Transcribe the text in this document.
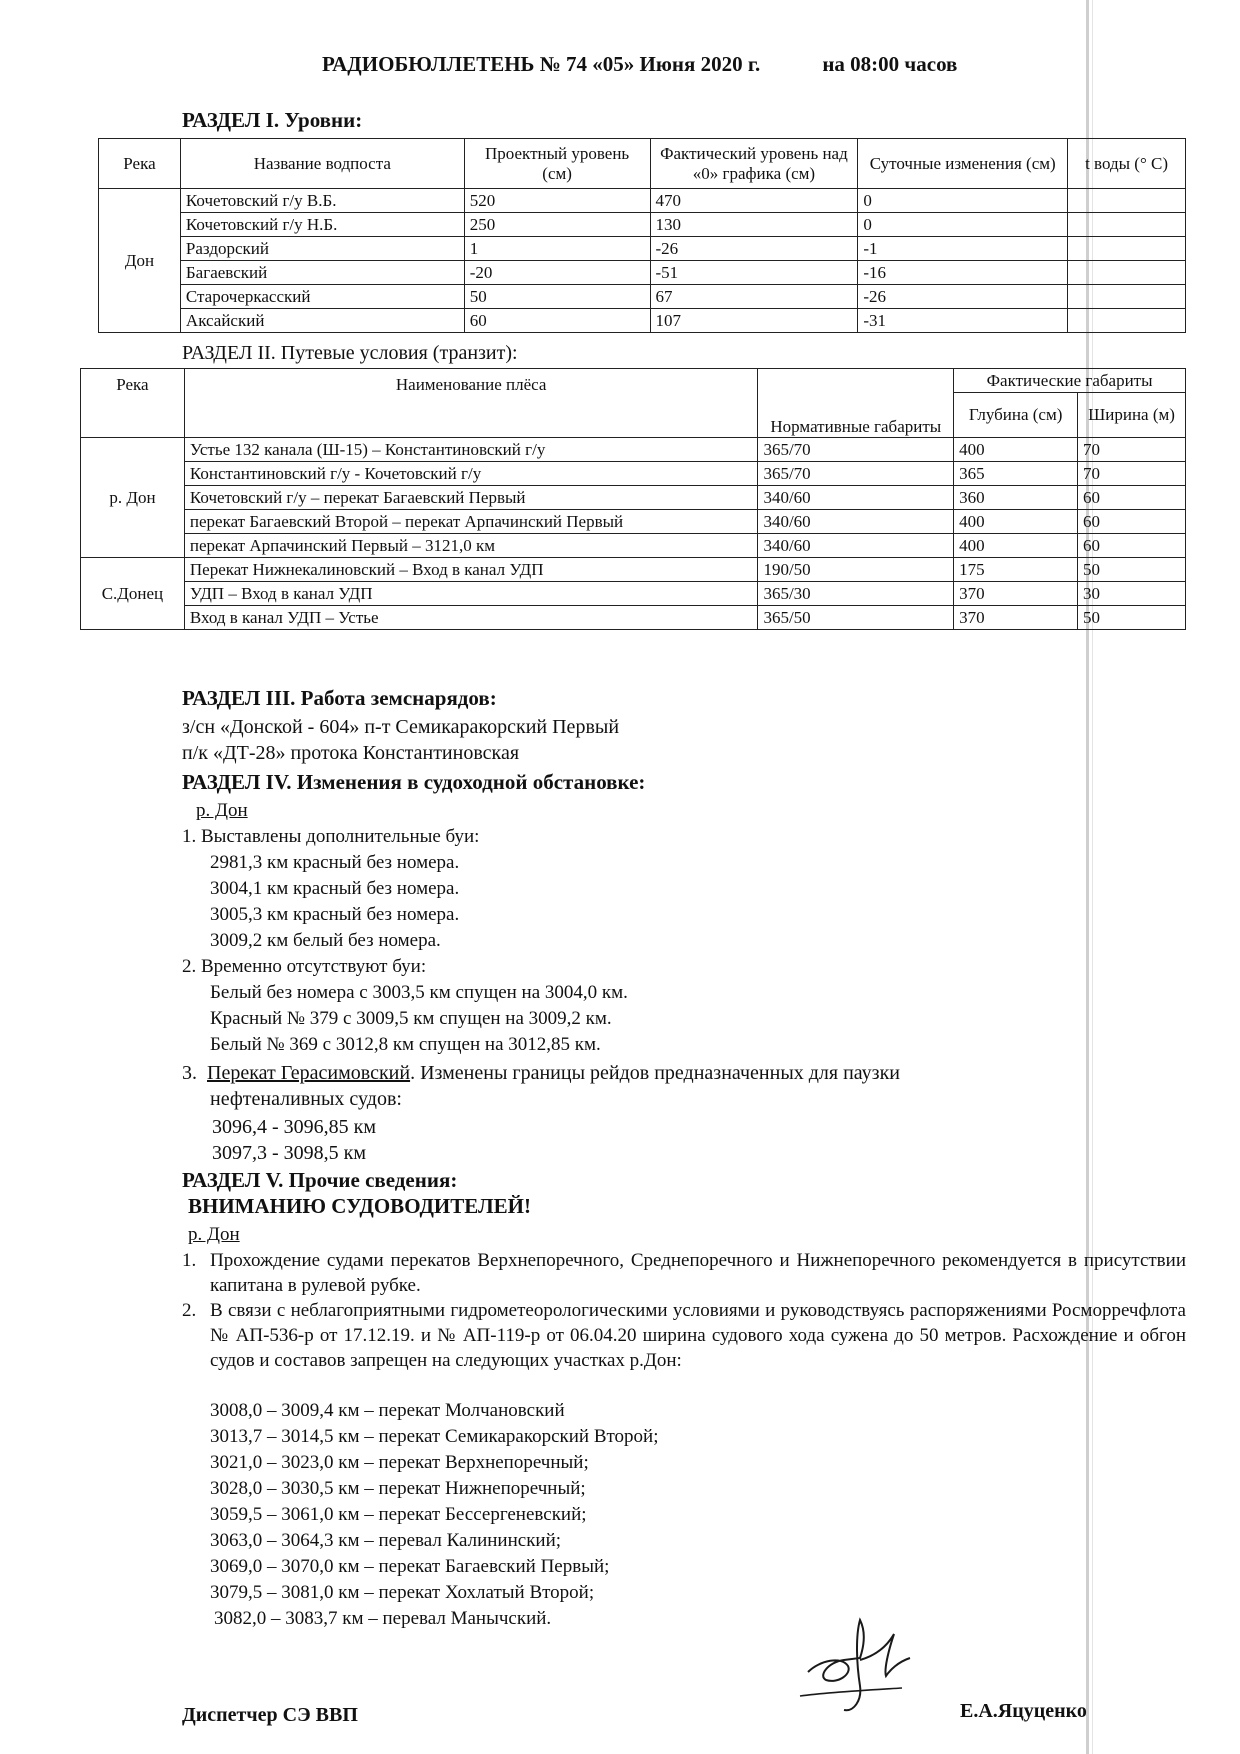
РАДИОБЮЛЛЕТЕНЬ № 74 «05» Июня 2020 г.	на 08:00 часов
РАЗДЕЛ I. Уровни:
Река	Название водпоста	Проектный уровень (см)	Фактический уровень над «0» графика (см)	Суточные изменения (см)	t воды (° С)
Дон	Кочетовский г/у В.Б.	520	470	0	
	Кочетовский г/у Н.Б.	250	130	0	
	Раздорский	1	-26	-1	
	Багаевский	-20	-51	-16	
	Старочеркасский	50	67	-26	
	Аксайский	60	107	-31	
РАЗДЕЛ II. Путевые условия (транзит):
Река	Наименование плёса	Нормативные габариты	Фактические габариты	
			Глубина (см)	Ширина (м)
р. Дон	Устье 132 канала (Ш-15) – Константиновский г/у	365/70	400	70
	Константиновский г/у - Кочетовский г/у	365/70	365	70
	Кочетовский г/у – перекат Багаевский Первый	340/60	360	60
	перекат Багаевский Второй – перекат Арпачинский Первый	340/60	400	60
	перекат Арпачинский Первый – 3121,0 км	340/60	400	60
С.Донец	Перекат Нижнекалиновский – Вход в канал УДП	190/50	175	50
	УДП – Вход в канал УДП	365/30	370	30
	Вход в канал УДП – Устье	365/50	370	50
РАЗДЕЛ III. Работа земснарядов:
з/сн «Донской - 604» п-т Семикаракорский Первый
п/к «ДТ-28» протока Константиновская
РАЗДЕЛ IV. Изменения в судоходной обстановке:
р. Дон
1. Выставлены дополнительные буи:
2981,3 км красный без номера.
3004,1 км красный без номера.
3005,3 км красный без номера.
3009,2 км белый без номера.
2. Временно отсутствуют буи:
Белый без номера с 3003,5 км спущен на 3004,0 км.
Красный № 379 с 3009,5 км спущен на 3009,2 км.
Белый № 369 с 3012,8 км спущен на 3012,85 км.
3. Перекат Герасимовский. Изменены границы рейдов предназначенных для паузки
нефтеналивных судов:
3096,4 - 3096,85 км
3097,3 - 3098,5 км
РАЗДЕЛ V. Прочие сведения:
ВНИМАНИЮ СУДОВОДИТЕЛЕЙ!
р. Дон
1. Прохождение судами перекатов Верхнепоречного, Среднепоречного и Нижнепоречного рекомендуется в присутствии капитана в рулевой рубке.
2. В связи с неблагоприятными гидрометеорологическими условиями и руководствуясь распоряжениями Росморречфлота № АП-536-р от 17.12.19. и № АП-119-р от 06.04.20 ширина судового хода сужена до 50 метров. Расхождение и обгон судов и составов запрещен на следующих участках р.Дон:
3008,0 – 3009,4 км – перекат Молчановский
3013,7 – 3014,5 км – перекат Семикаракорский Второй;
3021,0 – 3023,0 км – перекат Верхнепоречный;
3028,0 – 3030,5 км – перекат Нижнепоречный;
3059,5 – 3061,0 км – перекат Бессергеневский;
3063,0 – 3064,3 км – перевал Калининский;
3069,0 – 3070,0 км – перекат Багаевский Первый;
3079,5 – 3081,0 км – перекат Хохлатый Второй;
3082,0 – 3083,7 км – перевал Манычский.
Диспетчер СЭ ВВП	Е.А.Яцуценко
